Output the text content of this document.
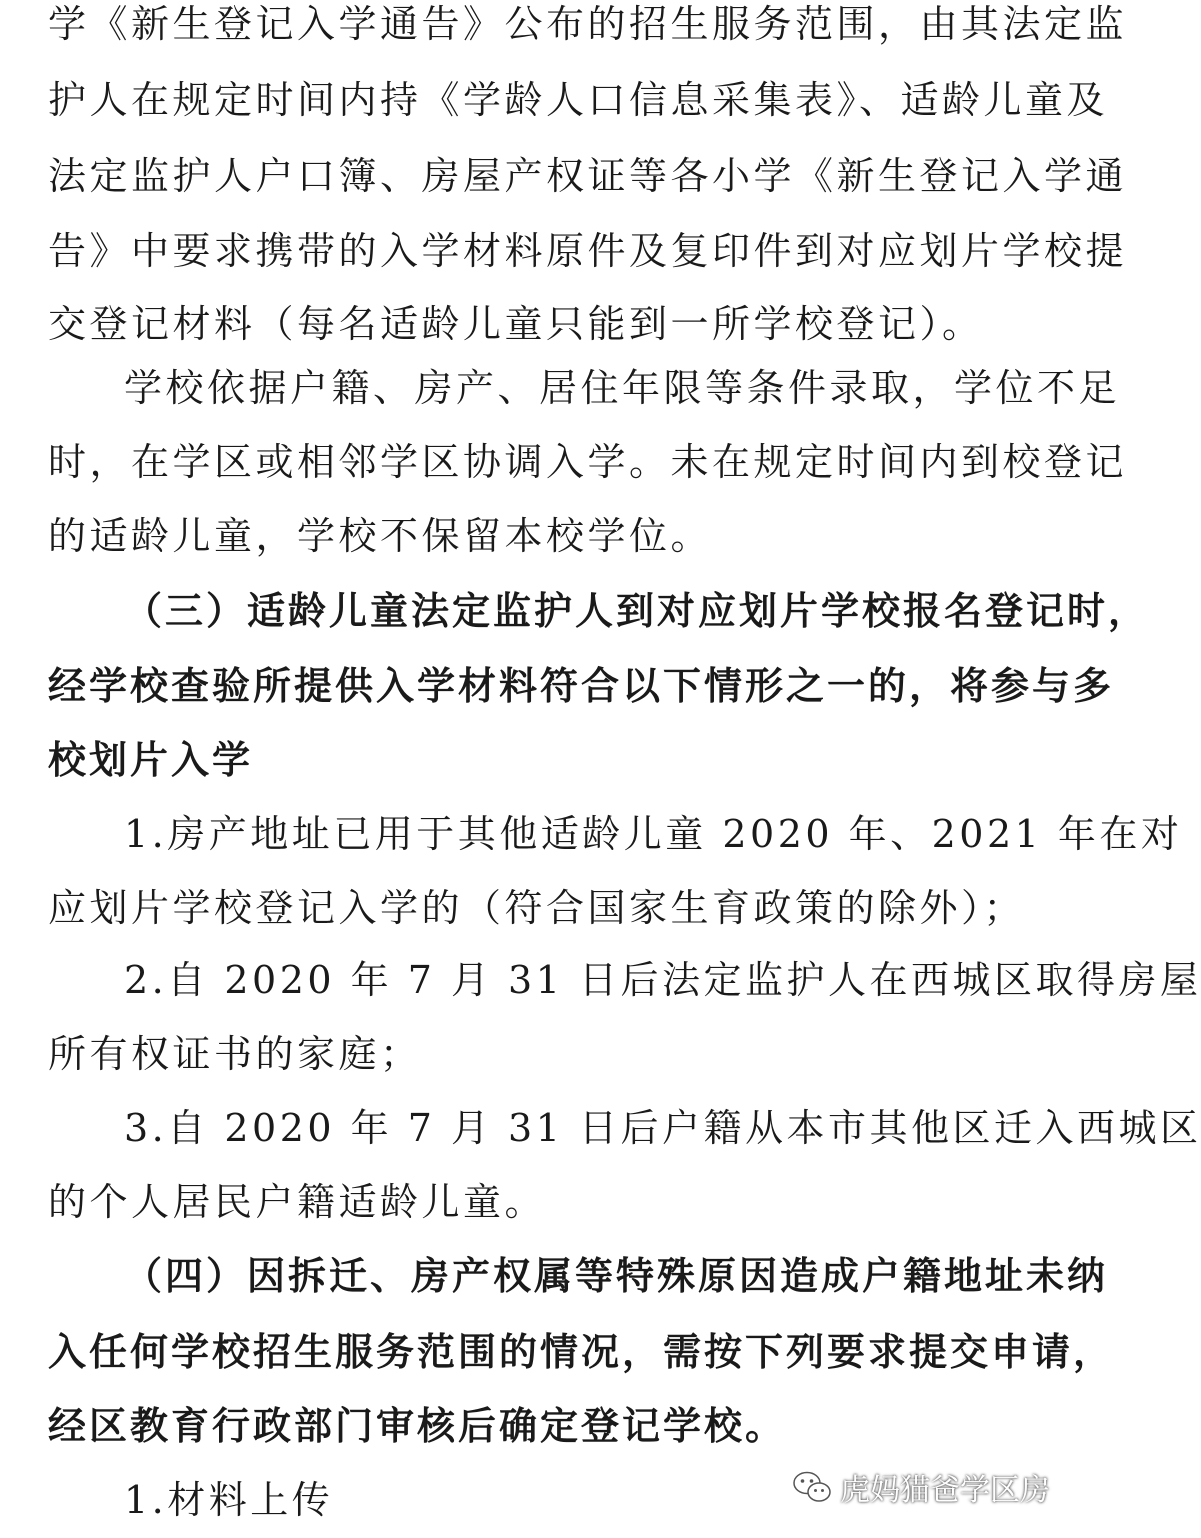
学《新生登记入学通告》公布的招生服务范围，由其法定监
护人在规定时间内持《学龄人口信息采集表》、适龄儿童及
法定监护人户口簿、房屋产权证等各小学《新生登记入学通
告》中要求携带的入学材料原件及复印件到对应划片学校提
交登记材料（每名适龄儿童只能到一所学校登记）。
学校依据户籍、房产、居住年限等条件录取，学位不足
时，在学区或相邻学区协调入学。未在规定时间内到校登记
的适龄儿童，学校不保留本校学位。
（三）适龄儿童法定监护人到对应划片学校报名登记时，
经学校查验所提供入学材料符合以下情形之一的，将参与多
校划片入学
1.房产地址已用于其他适龄儿童 2020 年、2021 年在对
应划片学校登记入学的（符合国家生育政策的除外）；
2.自 2020 年 7 月 31 日后法定监护人在西城区取得房屋
所有权证书的家庭；
3.自 2020 年 7 月 31 日后户籍从本市其他区迁入西城区
的个人居民户籍适龄儿童。
（四）因拆迁、房产权属等特殊原因造成户籍地址未纳
入任何学校招生服务范围的情况，需按下列要求提交申请，
经区教育行政部门审核后确定登记学校。
1.材料上传	虎妈猫爸学区房
